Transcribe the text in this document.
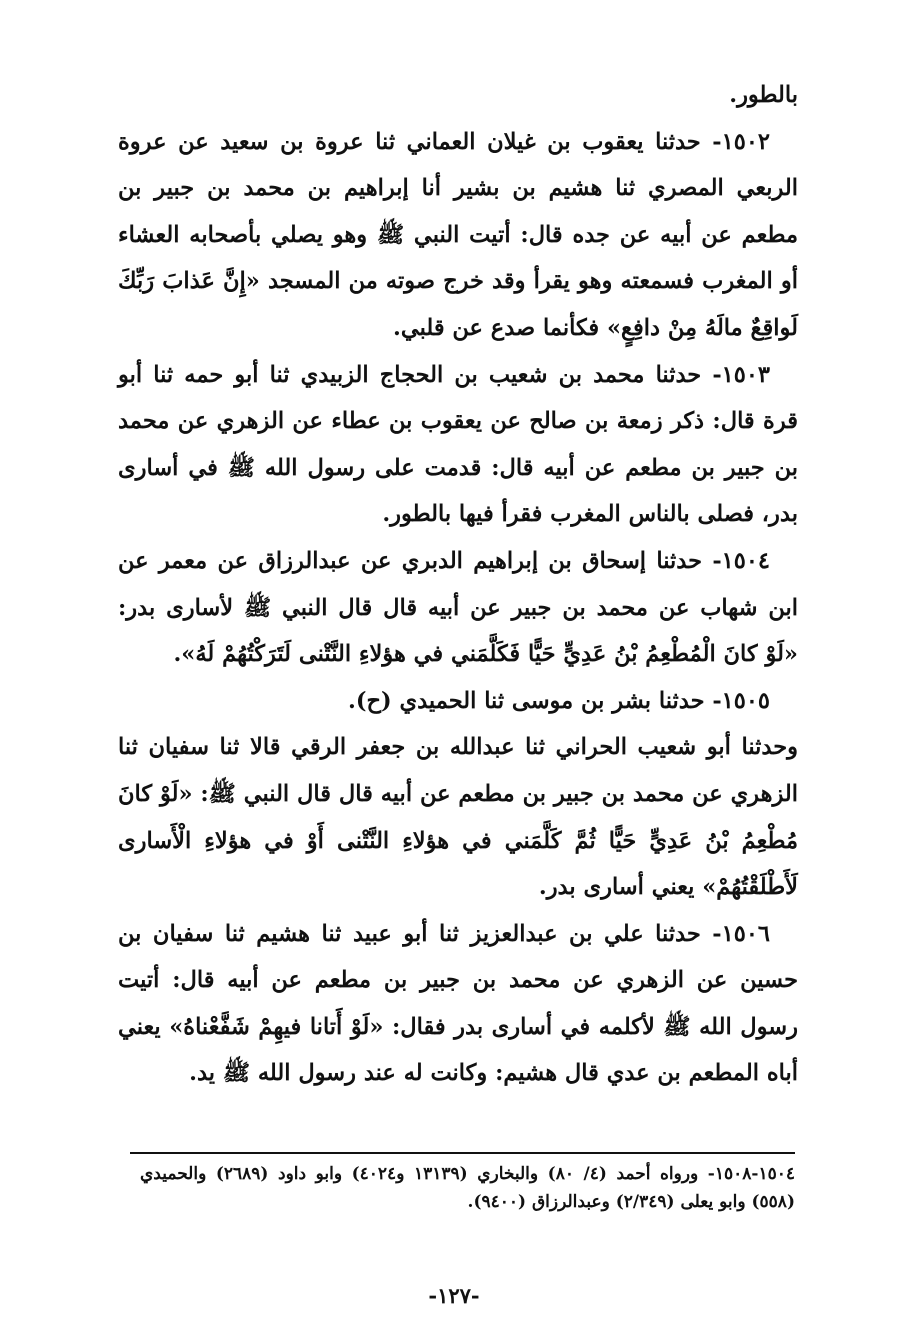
بالطور.

١٥٠٢- حدثنا يعقوب بن غيلان العماني ثنا عروة بن سعيد عن عروة الربعي المصري ثنا هشيم بن بشير أنا إبراهيم بن محمد بن جبير بن مطعم عن أبيه عن جده قال: أتيت النبي ﷺ وهو يصلي بأصحابه العشاء أو المغرب فسمعته وهو يقرأ وقد خرج صوته من المسجد «إِنَّ عَذابَ رَبِّكَ لَواقِعٌ مالَهُ مِنْ دافِعٍ» فكأنما صدع عن قلبي.

١٥٠٣- حدثنا محمد بن شعيب بن الحجاج الزبيدي ثنا أبو حمه ثنا أبو قرة قال: ذكر زمعة بن صالح عن يعقوب بن عطاء عن الزهري عن محمد بن جبير بن مطعم عن أبيه قال: قدمت على رسول الله ﷺ في أسارى بدر، فصلى بالناس المغرب فقرأ فيها بالطور.

١٥٠٤- حدثنا إسحاق بن إبراهيم الدبري عن عبدالرزاق عن معمر عن ابن شهاب عن محمد بن جبير عن أبيه قال قال النبي ﷺ لأسارى بدر: «لَوْ كانَ الْمُطْعِمُ بْنُ عَدِيٍّ حَيًّا فَكَلَّمَني في هؤلاءِ النَّتْنى لَتَرَكْتُهُمْ لَهُ».

١٥٠٥- حدثنا بشر بن موسى ثنا الحميدي (ح).

وحدثنا أبو شعيب الحراني ثنا عبدالله بن جعفر الرقي قالا ثنا سفيان ثنا الزهري عن محمد بن جبير بن مطعم عن أبيه قال قال النبي ﷺ: «لَوْ كانَ مُطْعِمُ بْنُ عَدِيٍّ حَيًّا ثُمَّ كَلَّمَني في هؤلاءِ النَّتْنى أَوْ في هؤلاءِ الْأَسارى لَأَطْلَقْتُهُمْ» يعني أسارى بدر.

١٥٠٦- حدثنا علي بن عبدالعزيز ثنا أبو عبيد ثنا هشيم ثنا سفيان بن حسين عن الزهري عن محمد بن جبير بن مطعم عن أبيه قال: أتيت رسول الله ﷺ لأكلمه في أسارى بدر فقال: «لَوْ أَتانا فيهِمْ شَفَّعْناهُ» يعني أباه المطعم بن عدي قال هشيم: وكانت له عند رسول الله ﷺ يد.

١٥٠٤-١٥٠٨- ورواه أحمد (٤/ ٨٠) والبخاري (١٣١٣٩ و٤٠٢٤) وابو داود (٢٦٨٩) والحميدي (٥٥٨) وابو يعلى (٢/٣٤٩) وعبدالرزاق (٩٤٠٠).

-١٢٧-
